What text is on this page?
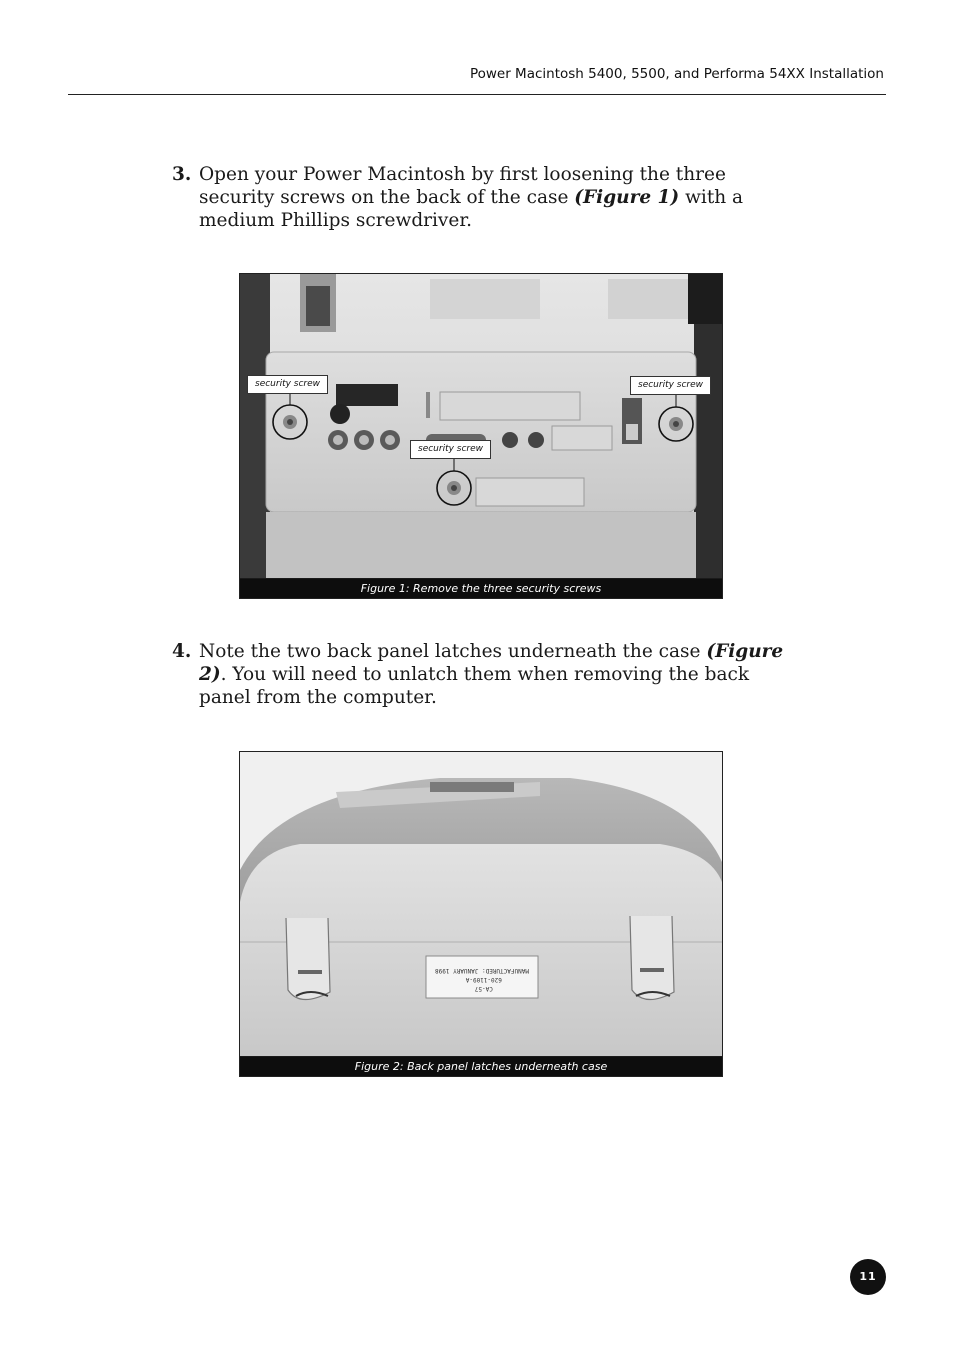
Power Macintosh 5400, 5500, and Performa 54XX Installation
3. Open your Power Macintosh by first loosening the three security screws on the back of the case (Figure 1) with a medium Phillips screwdriver.
security screw	security screw
security screw
Figure 1: Remove the three security screws
4. Note the two back panel latches underneath the case (Figure 2). You will need to unlatch them when removing the back panel from the computer.
CA-57 620-1109-A MANUFACTURED: JANUARY 1998
Figure 2: Back panel latches underneath case
11
